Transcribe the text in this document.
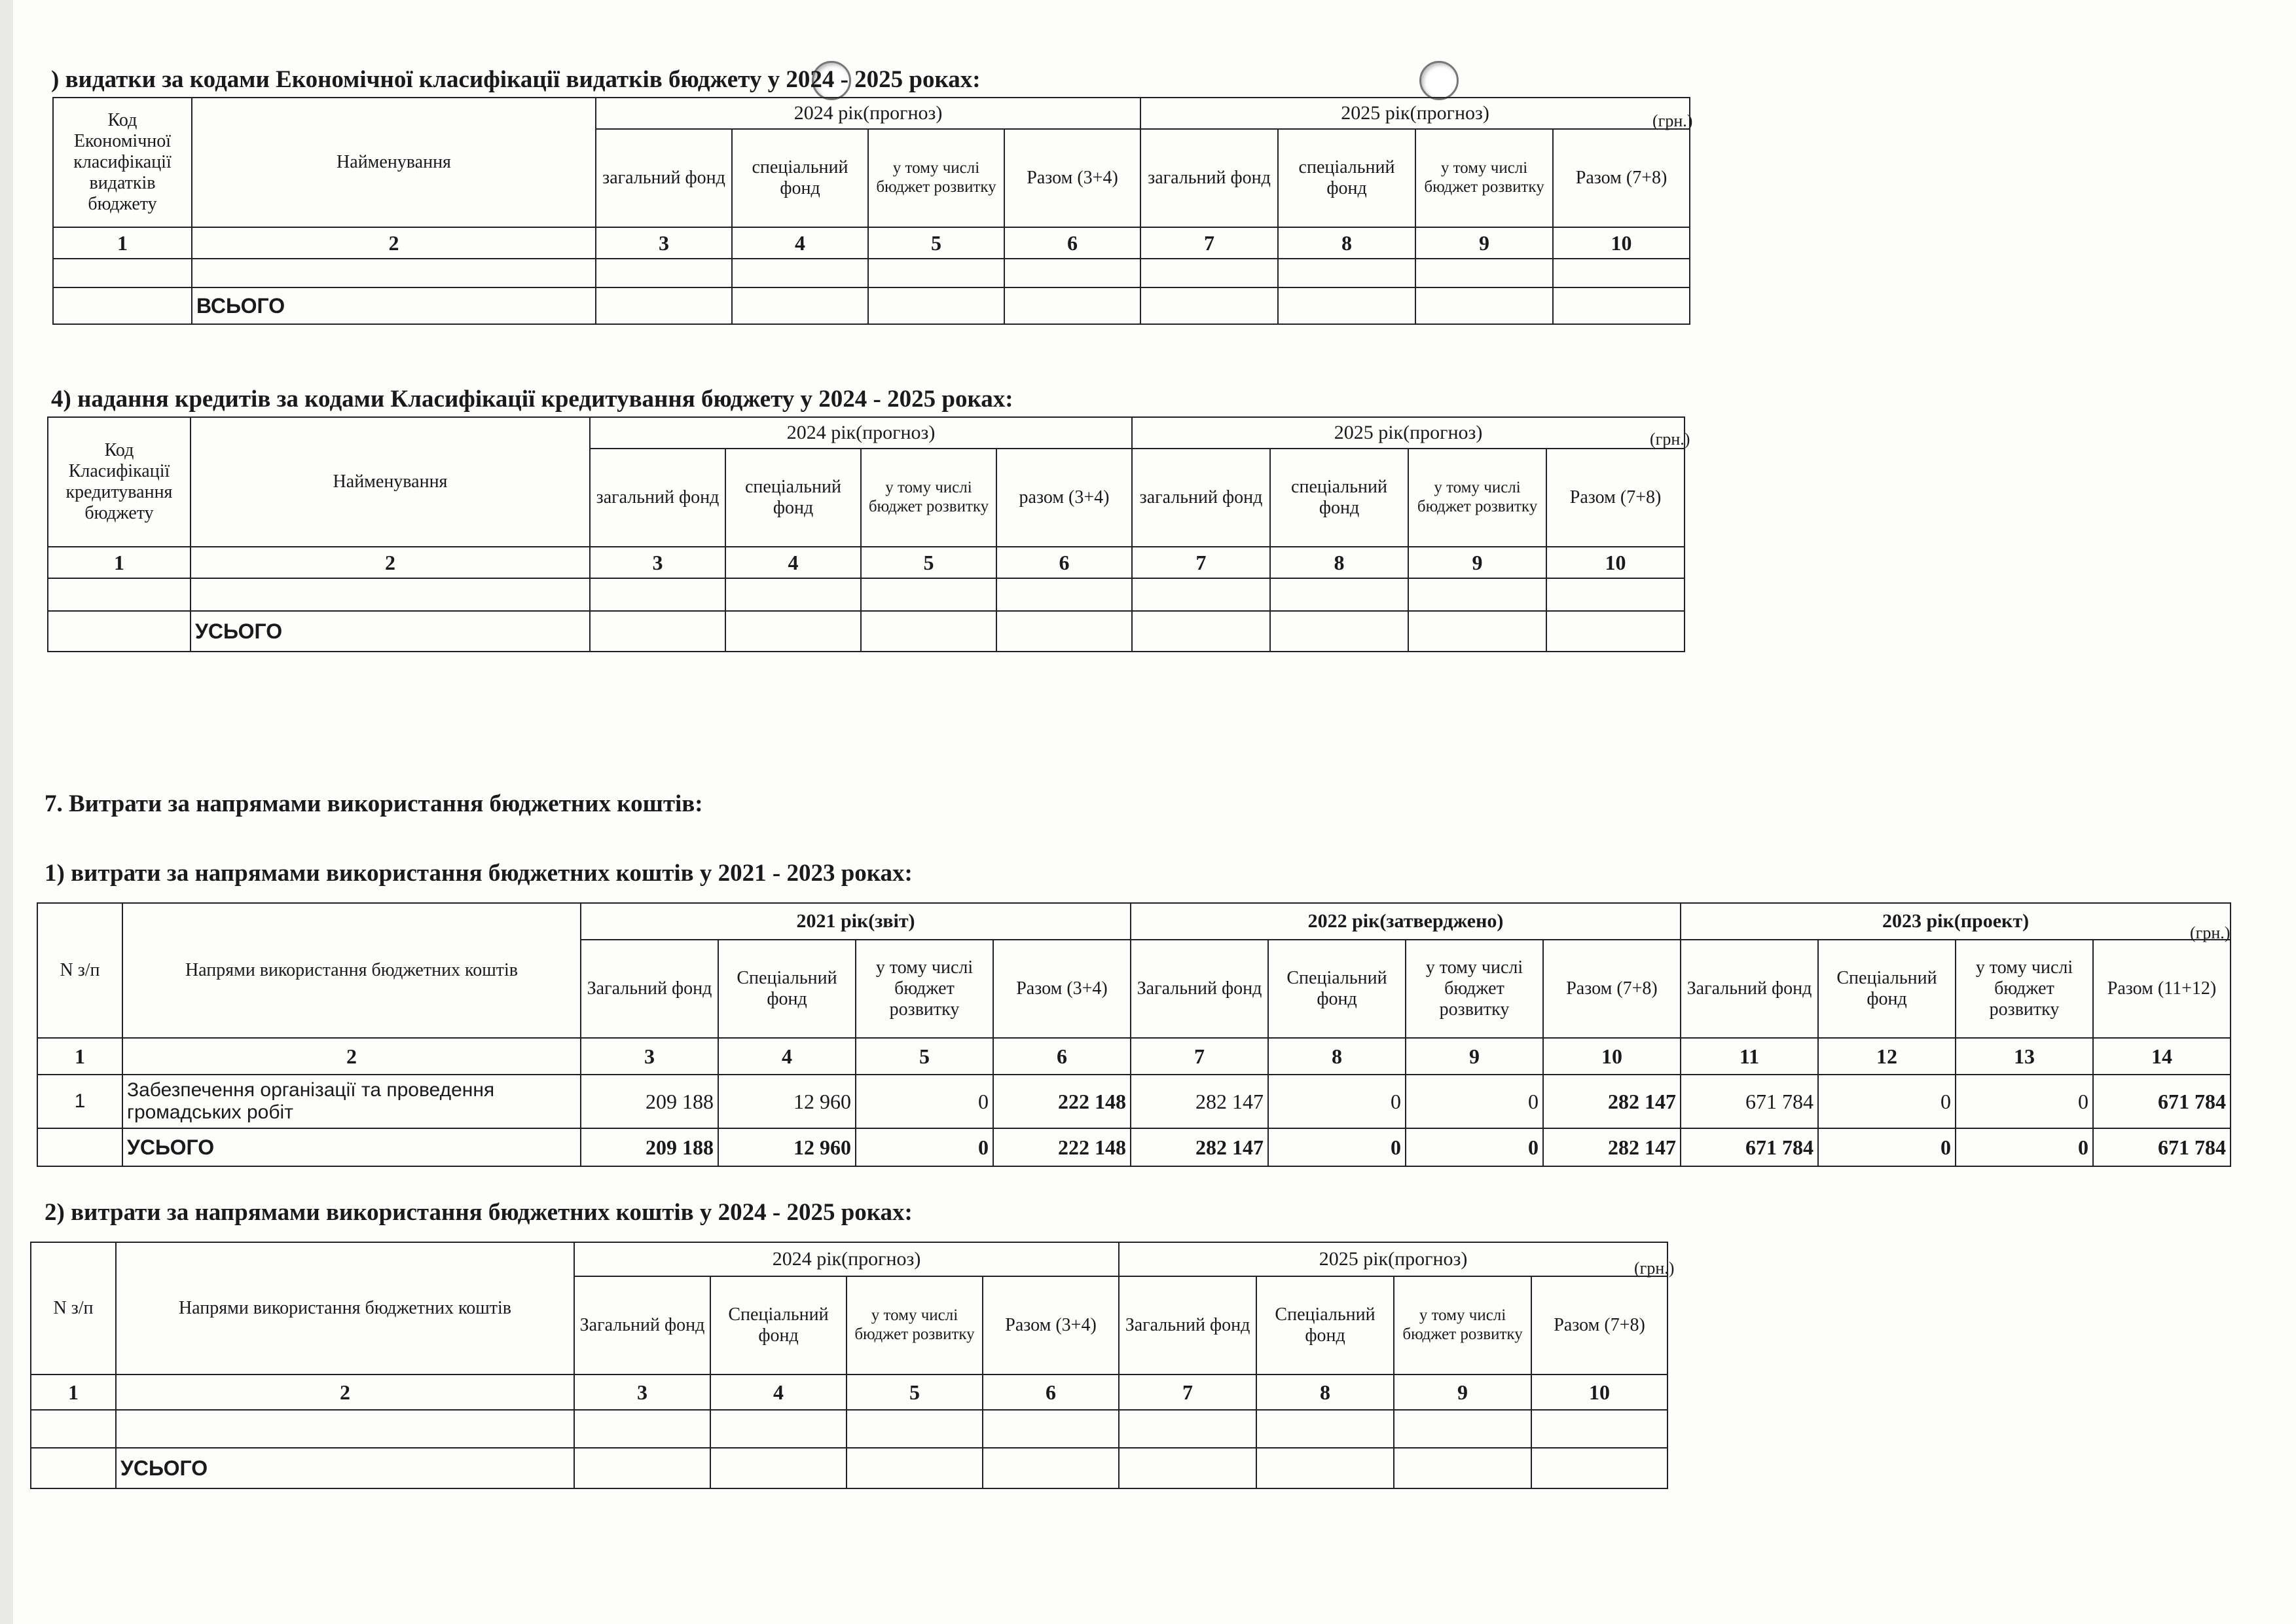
) видатки за кодами Економічної класифікації видатків бюджету у 2024 - 2025 роках:
(грн.)
Код Економічної класифікації видатків бюджету	Найменування	2024 рік(прогноз)				2025 рік(прогноз)			
		загальний фонд	спеціальний фонд	у тому числі бюджет розвитку	Разом (3+4)	загальний фонд	спеціальний фонд	у тому числі бюджет розвитку	Разом (7+8)
1	2	3	4	5	6	7	8	9	10

	ВСЬОГО								
4) надання кредитів за кодами Класифікації кредитування бюджету у 2024 - 2025 роках:
(грн.)
Код Класифікації кредитування бюджету	Найменування	2024 рік(прогноз)				2025 рік(прогноз)			
		загальний фонд	спеціальний фонд	у тому числі бюджет розвитку	разом (3+4)	загальний фонд	спеціальний фонд	у тому числі бюджет розвитку	Разом (7+8)
1	2	3	4	5	6	7	8	9	10

	УСЬОГО								
7. Витрати за напрямами використання бюджетних коштів:
1) витрати за напрямами використання бюджетних коштів у 2021 - 2023 роках:
(грн.)
N з/п	Напрями використання бюджетних коштів	2021 рік(звіт)				2022 рік(затверджено)				2023 рік(проект)			
		Загальний фонд	Спеціальний фонд	у тому числі бюджет розвитку	Разом (3+4)	Загальний фонд	Спеціальний фонд	у тому числі бюджет розвитку	Разом (7+8)	Загальний фонд	Спеціальний фонд	у тому числі бюджет розвитку	Разом (11+12)
1	2	3	4	5	6	7	8	9	10	11	12	13	14
1	Забезпечення організації та проведення громадських робіт	209 188	12 960	0	222 148	282 147	0	0	282 147	671 784	0	0	671 784
	УСЬОГО	209 188	12 960	0	222 148	282 147	0	0	282 147	671 784	0	0	671 784
2) витрати за напрямами використання бюджетних коштів у 2024 - 2025 роках:
(грн.)
N з/п	Напрями використання бюджетних коштів	2024 рік(прогноз)				2025 рік(прогноз)			
		Загальний фонд	Спеціальний фонд	у тому числі бюджет розвитку	Разом (3+4)	Загальний фонд	Спеціальний фонд	у тому числі бюджет розвитку	Разом (7+8)
1	2	3	4	5	6	7	8	9	10

	УСЬОГО								
